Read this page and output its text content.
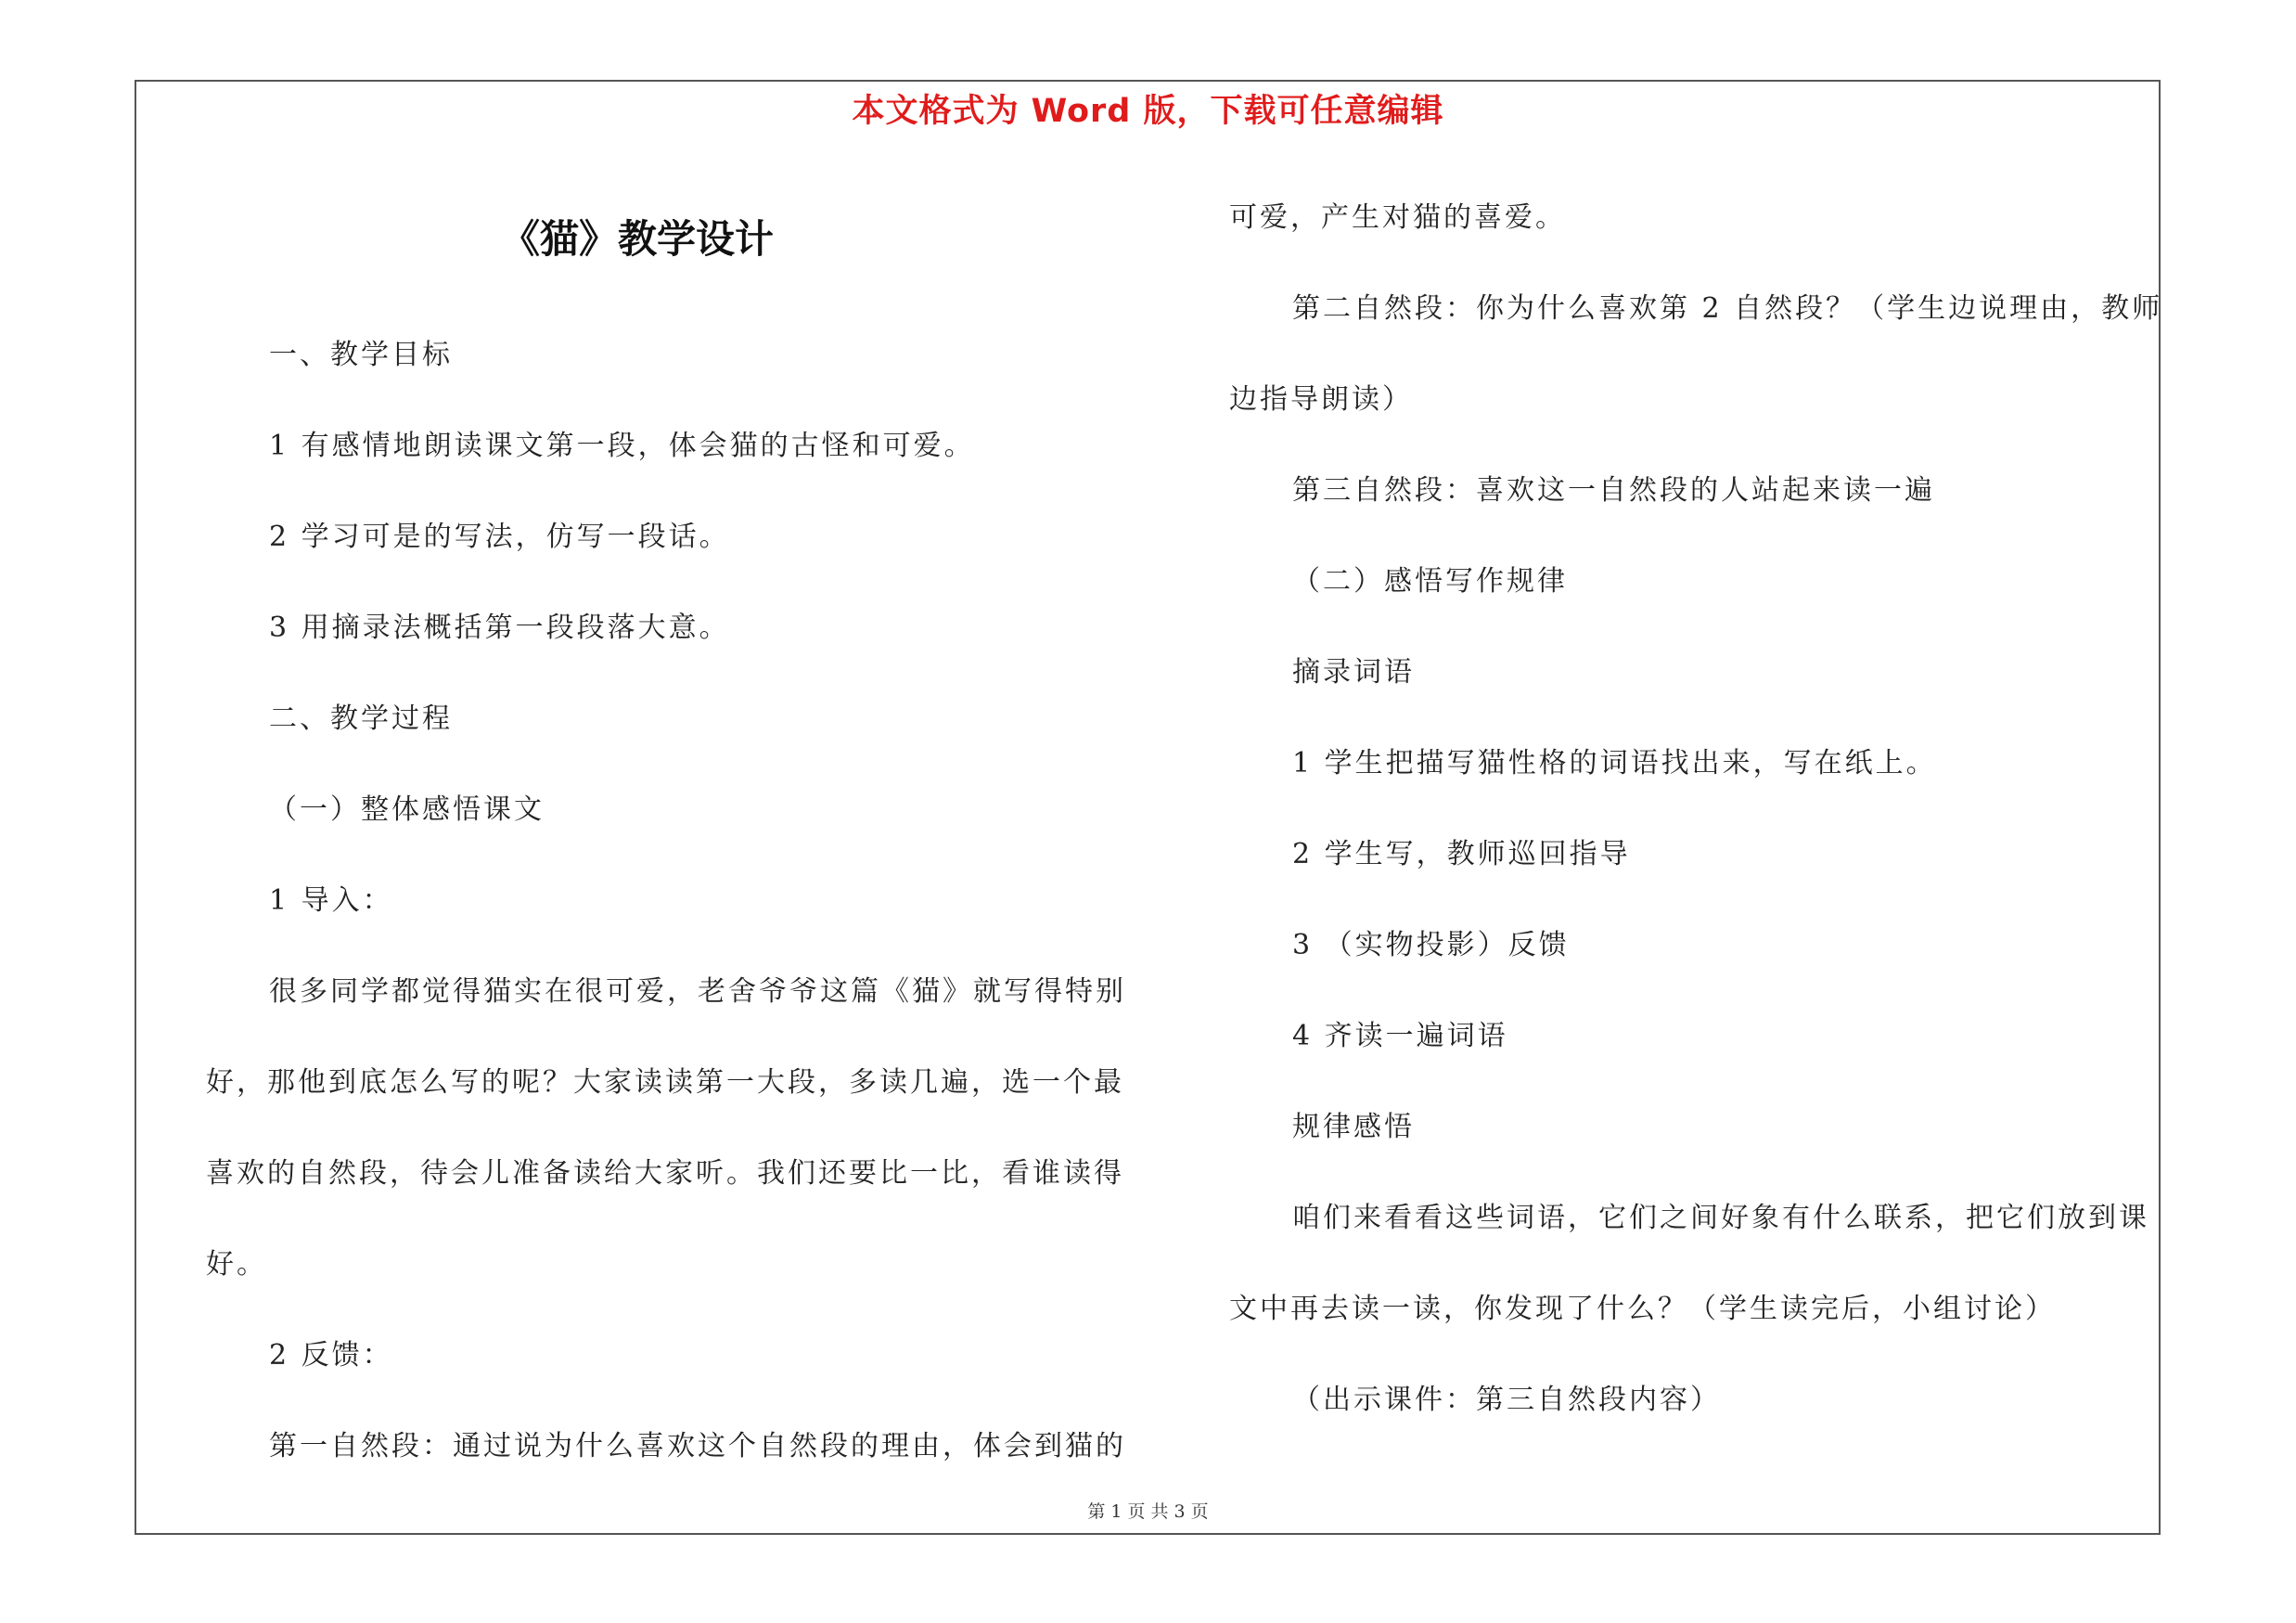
本文格式为 Word 版，下载可任意编辑
《猫》教学设计
一、教学目标
1 有感情地朗读课文第一段，体会猫的古怪和可爱。
2 学习可是的写法，仿写一段话。
3 用摘录法概括第一段段落大意。
二、教学过程
（一）整体感悟课文
1 导入：
很多同学都觉得猫实在很可爱，老舍爷爷这篇《猫》就写得特别
好，那他到底怎么写的呢？大家读读第一大段，多读几遍，选一个最
喜欢的自然段，待会儿准备读给大家听。我们还要比一比，看谁读得
好。
2 反馈：
第一自然段：通过说为什么喜欢这个自然段的理由，体会到猫的
可爱，产生对猫的喜爱。
第二自然段：你为什么喜欢第 2 自然段？（学生边说理由，教师
边指导朗读）
第三自然段：喜欢这一自然段的人站起来读一遍
（二）感悟写作规律
摘录词语
1 学生把描写猫性格的词语找出来，写在纸上。
2 学生写，教师巡回指导
3 （实物投影）反馈
4 齐读一遍词语
规律感悟
咱们来看看这些词语，它们之间好象有什么联系，把它们放到课
文中再去读一读，你发现了什么？（学生读完后，小组讨论）
（出示课件：第三自然段内容）
第 1 页 共 3 页
